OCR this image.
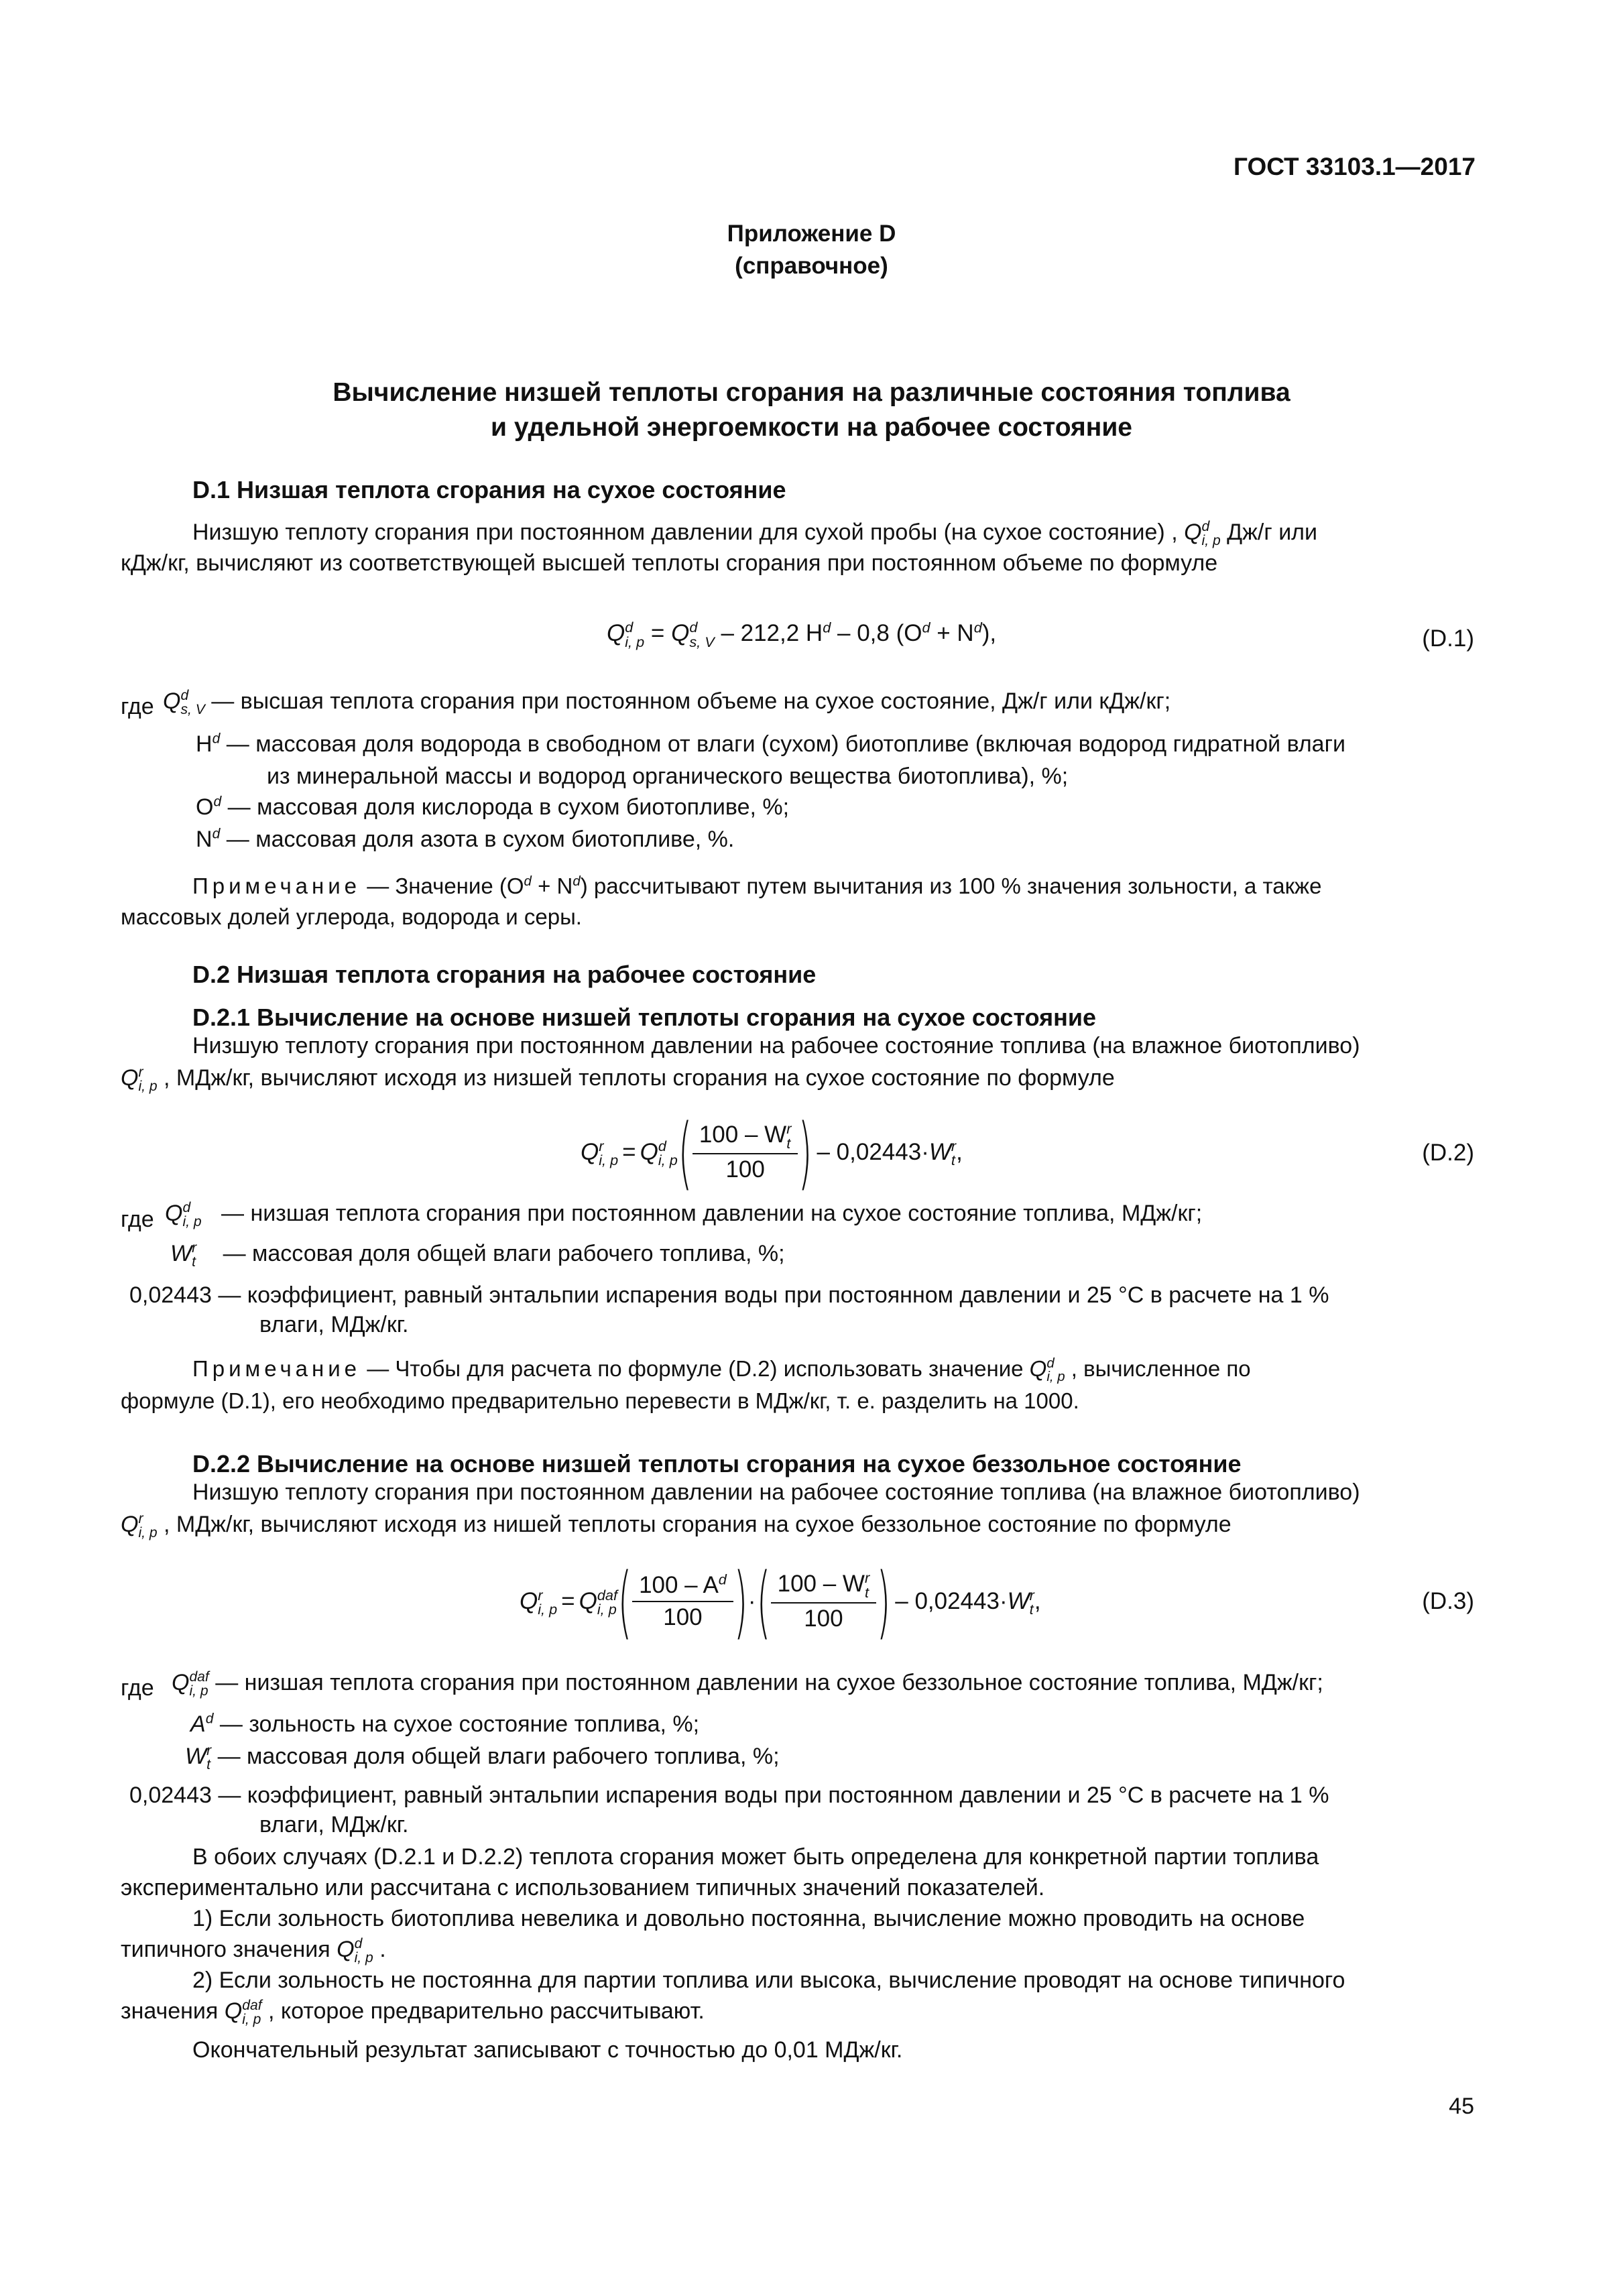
ГОСТ 33103.1—2017
Приложение D
(справочное)
Вычисление низшей теплоты сгорания на различные состояния топлива
и удельной энергоемкости на рабочее состояние
D.1 Низшая теплота сгорания на сухое состояние
Низшую теплоту сгорания при постоянном давлении для сухой пробы (на сухое состояние) , Q d
i, p Дж/г или
кДж/кг, вычисляют из соответствующей высшей теплоты сгорания при постоянном объеме по формуле
Q d
i, p = Q d
s, V – 212,2 $H^d - 0,8$ $(O^d + N^d)$,	(D.1)
где Q d
s, V — высшая теплота сгорания при постоянном объеме на сухое состояние, Дж/г или кДж/кг;
$H^d$ — массовая доля водорода в свободном от влаги (сухом) биотопливе (включая водород гидратной влаги
из минеральной массы и водород органического вещества биотоплива), %;
$O^d$ — массовая доля кислорода в сухом биотопливе, %;
$N^d$ — массовая доля азота в сухом биотопливе, %.
Примечание — Значение $(O^d + N^d)$ рассчитывают путем вычитания из 100 % значения зольности, а также
массовых долей углерода, водорода и серы.
D.2 Низшая теплота сгорания на рабочее состояние
D.2.1 Вычисление на основе низшей теплоты сгорания на сухое состояние
Низшую теплоту сгорания при постоянном давлении на рабочее состояние топлива (на влажное биотопливо)
Q r
i, p , МДж/кг, вычисляют исходя из низшей теплоты сгорания на сухое состояние по формуле
Q r
i, p = Q d
i, p ( 100 – W r
t
100 ) – 0,02443· W r
t ,	(D.2)
где Q d
i, p — низшая теплота сгорания при постоянном давлении на сухое состояние топлива, МДж/кг;
W r
t — массовая доля общей влаги рабочего топлива, %;
0,02443 — коэффициент, равный энтальпии испарения воды при постоянном давлении и 25 °С в расчете на 1 %
влаги, МДж/кг.
Примечание — Чтобы для расчета по формуле (D.2) использовать значение Q d
i, p , вычисленное по
формуле (D.1), его необходимо предварительно перевести в МДж/кг, т. е. разделить на 1000.
D.2.2 Вычисление на основе низшей теплоты сгорания на сухое беззольное состояние
Низшую теплоту сгорания при постоянном давлении на рабочее состояние топлива (на влажное биотопливо)
Q r
i, p , МДж/кг, вычисляют исходя из нишей теплоты сгорания на сухое беззольное состояние по формуле
Q r
i, p = Q daf
i, p ( $\frac{100 - A^d}{100}$ ) · ( 100 – W r
t
100 ) – 0,02443· W r
t ,	(D.3)
где Q daf
i, p — низшая теплота сгорания при постоянном давлении на сухое беззольное состояние топлива, МДж/кг;
$A^d$ — зольность на сухое состояние топлива, %;
W r
t — массовая доля общей влаги рабочего топлива, %;
0,02443 — коэффициент, равный энтальпии испарения воды при постоянном давлении и 25 °С в расчете на 1 %
влаги, МДж/кг.
В обоих случаях (D.2.1 и D.2.2) теплота сгорания может быть определена для конкретной партии топлива
экспериментально или рассчитана с использованием типичных значений показателей.
1) Если зольность биотоплива невелика и довольно постоянна, вычисление можно проводить на основе
типичного значения Q d
i, p .
2) Если зольность не постоянна для партии топлива или высока, вычисление проводят на основе типичного
значения Q daf
i, p , которое предварительно рассчитывают.
Окончательный результат записывают с точностью до 0,01 МДж/кг.
45
